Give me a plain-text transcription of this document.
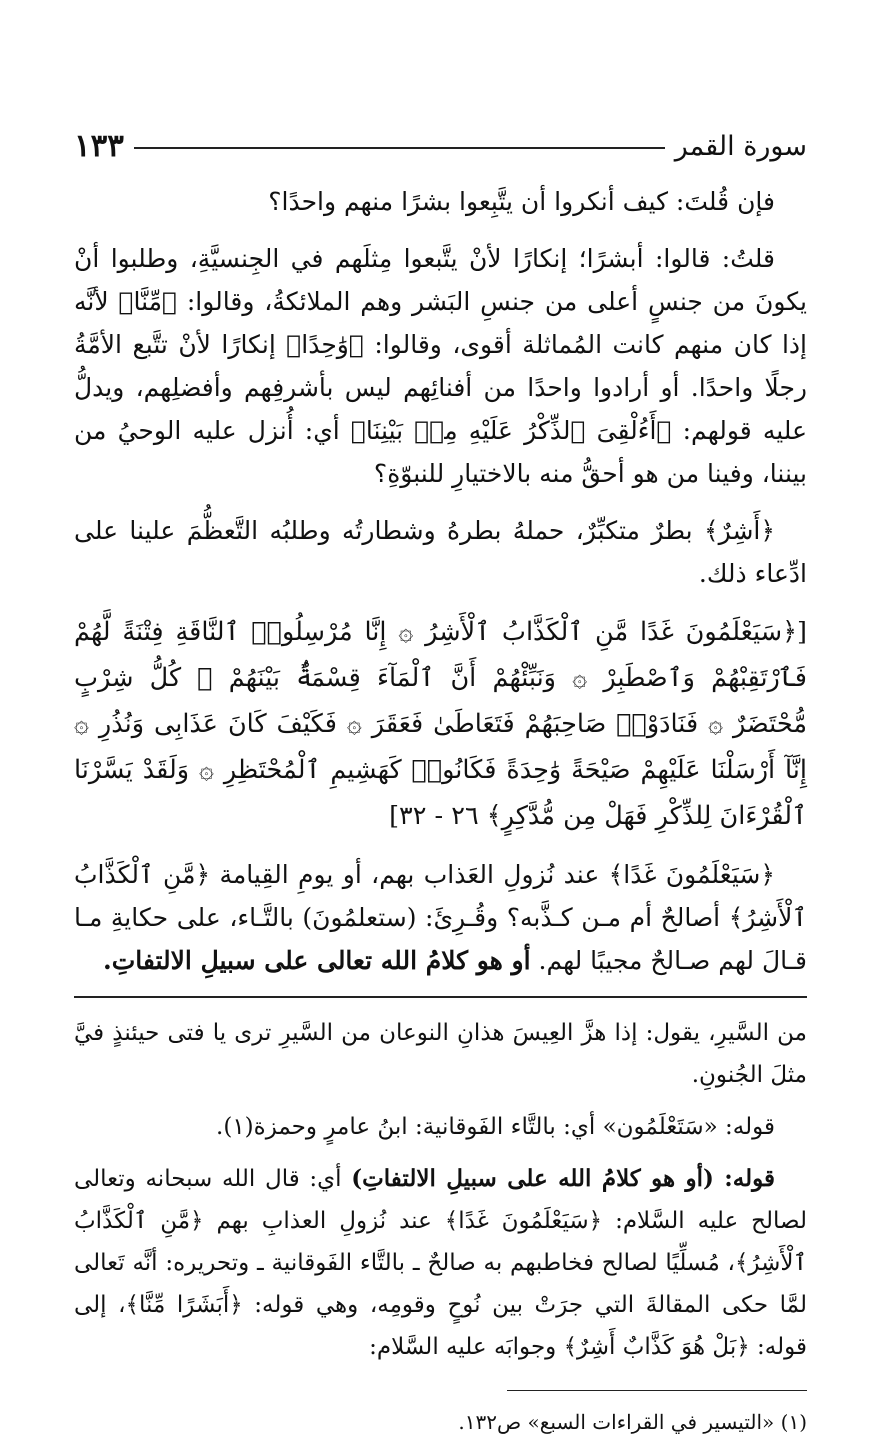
سورة القمر
١٣٣

فإن قُلتَ: كيف أنكروا أن يتَّبِعوا بشرًا منهم واحدًا؟

قلتُ: قالوا: أبشرًا؛ إنكارًا لأنْ يتَّبعوا مِثلَهم في الجِنسيَّةِ، وطلبوا أنْ يكونَ من جنسٍ أعلى من جنسِ البَشر وهم الملائكةُ، وقالوا: ﴿مِّنَّا﴾ لأنَّه إذا كان منهم كانت المُماثلة أقوى، وقالوا: ﴿وَٰحِدًا﴾ إنكارًا لأنْ تتَّبع الأمَّةُ رجلًا واحدًا. أو أرادوا واحدًا من أفنائِهم ليس بأشرفِهم وأفضلِهم، ويدلُّ عليه قولهم: ﴿أَءُلْقِىَ ٱلذِّكْرُ عَلَيْهِ مِنۢ بَيْنِنَا﴾ أي: أُنزل عليه الوحيُ من بيننا، وفينا من هو أحقُّ منه بالاختيارِ للنبوّةِ؟

﴿أَشِرٌ﴾ بطرٌ متكبِّرٌ، حملهُ بطرهُ وشطارتُه وطلبُه التَّعظُّمَ علينا على ادِّعاء ذلك.

[﴿سَيَعْلَمُونَ غَدًا مَّنِ ٱلْكَذَّابُ ٱلْأَشِرُ ۞ إِنَّا مُرْسِلُوا۟ ٱلنَّاقَةِ فِتْنَةً لَّهُمْ فَٱرْتَقِبْهُمْ وَٱصْطَبِرْ ۞ وَنَبِّئْهُمْ أَنَّ ٱلْمَآءَ قِسْمَةٌۢ بَيْنَهُمْ ۖ كُلُّ شِرْبٍ مُّحْتَضَرٌ ۞ فَنَادَوْا۟ صَاحِبَهُمْ فَتَعَاطَىٰ فَعَقَرَ ۞ فَكَيْفَ كَانَ عَذَابِى وَنُذُرِ ۞ إِنَّآ أَرْسَلْنَا عَلَيْهِمْ صَيْحَةً وَٰحِدَةً فَكَانُوا۟ كَهَشِيمِ ٱلْمُحْتَظِرِ ۞ وَلَقَدْ يَسَّرْنَا ٱلْقُرْءَانَ لِلذِّكْرِ فَهَلْ مِن مُّدَّكِرٍ﴾ ٢٦ - ٣٢]

﴿سَيَعْلَمُونَ غَدًا﴾ عند نُزولِ العَذاب بهم، أو يومِ القِيامة ﴿مَّنِ ٱلْكَذَّابُ ٱلْأَشِرُ﴾ أصالحٌ أم مـن كـذَّبه؟ وقُـرِئَ: (ستعلمُونَ) بالتَّـاء، على حكايةِ مـا قـالَ لهم صـالحٌ مجيبًا لهم. أو هو كلامُ الله تعالى على سبيلِ الالتفاتِ.

من السَّيرِ، يقول: إذا هزَّ العِيسَ هذانِ النوعان من السَّيرِ ترى يا فتى حيئنذٍ فيَّ مثلَ الجُنونِ.

قوله: «سَتَعْلَمُون» أي: بالتَّاء الفَوقانية: ابنُ عامرٍ وحمزة(١).

قوله: (أو هو كلامُ الله على سبيلِ الالتفاتِ) أي: قال الله سبحانه وتعالى لصالح عليه السَّلام: ﴿سَيَعْلَمُونَ غَدًا﴾ عند نُزولِ العذابِ بهم ﴿مَّنِ ٱلْكَذَّابُ ٱلْأَشِرُ﴾، مُسلِّيًا لصالح فخاطبهم به صالحٌ ـ بالتَّاء الفَوقانية ـ وتحريره: أنَّه تَعالى لمَّا حكى المقالةَ التي جرَتْ بين نُوحٍ وقومِه، وهي قوله: ﴿أَبَشَرًا مِّنَّا﴾، إلى قوله: ﴿بَلْ هُوَ كَذَّابٌ أَشِرٌ﴾ وجوابَه عليه السَّلام:

(١) «التيسير في القراءات السبع» ص١٣٢.
